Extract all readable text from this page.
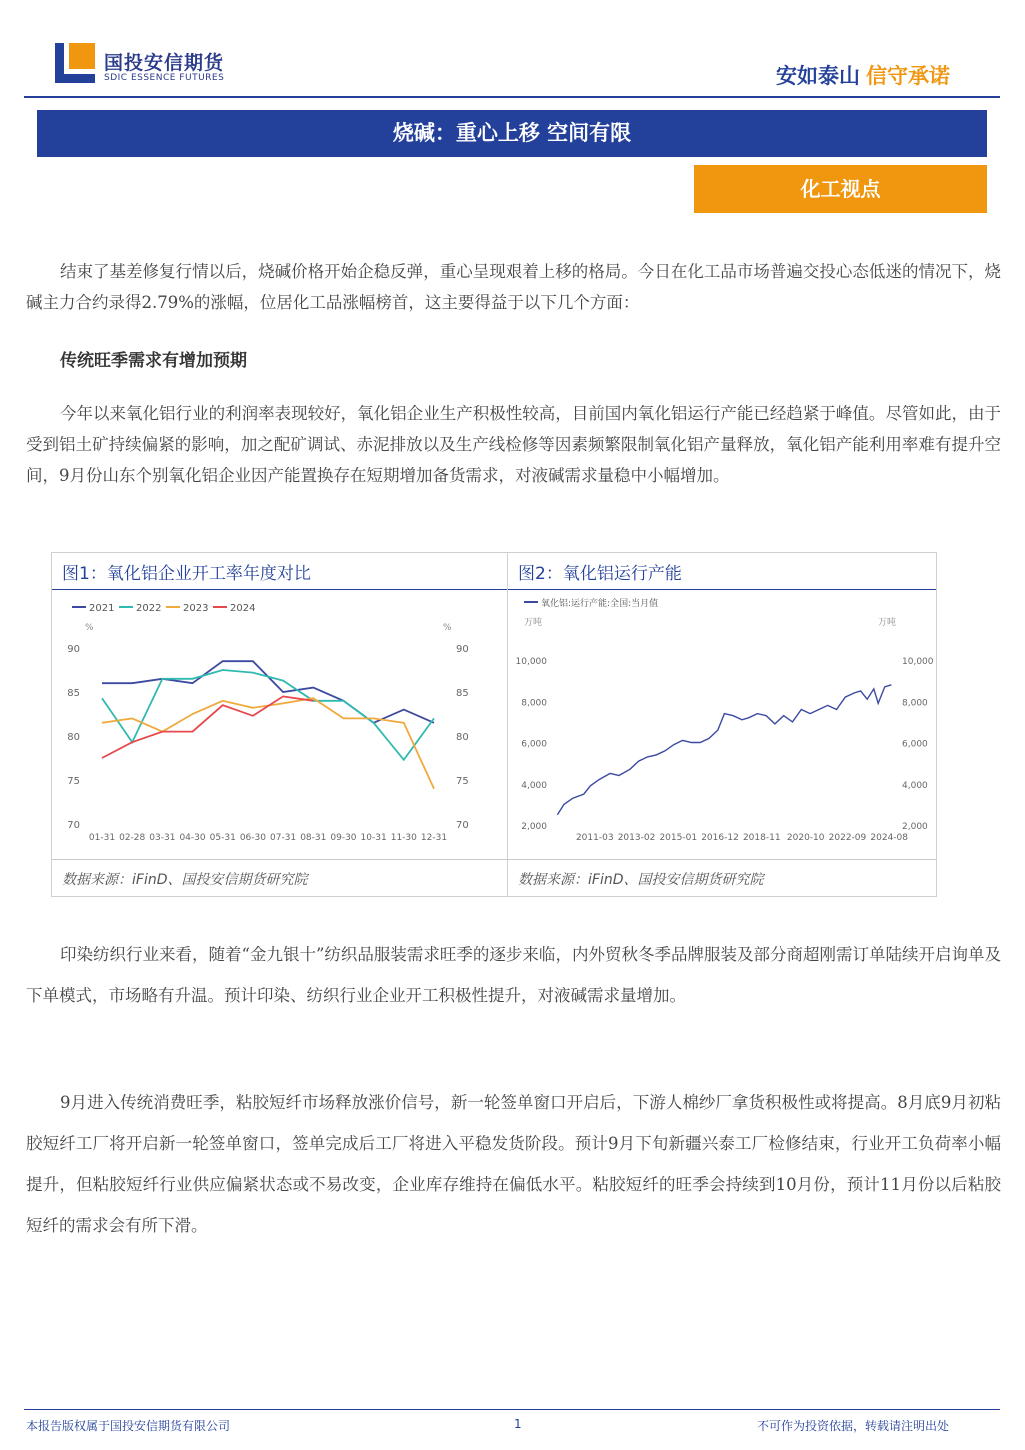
国投安信期货
SDIC ESSENCE FUTURES	安如泰山 信守承诺
烧碱：重心上移 空间有限
化工视点
结束了基差修复行情以后，烧碱价格开始企稳反弹，重心呈现艰着上移的格局。今日在化工品市场普遍交投心态低迷的情况下，烧碱主力合约录得2.79%的涨幅，位居化工品涨幅榜首，这主要得益于以下几个方面：
传统旺季需求有增加预期
今年以来氧化铝行业的利润率表现较好，氧化铝企业生产积极性较高，目前国内氧化铝运行产能已经趋紧于峰值。尽管如此，由于受到铝土矿持续偏紧的影响，加之配矿调试、赤泥排放以及生产线检修等因素频繁限制氧化铝产量释放，氧化铝产能利用率难有提升空间，9月份山东个别氧化铝企业因产能置换存在短期增加备货需求，对液碱需求量稳中小幅增加。
图1：氧化铝企业开工率年度对比
2021 2022 2023 2024
%	%
70	70
75	75
80	80
85	85
90	90
01-31 02-28 03-31 04-30 05-31 06-30 07-31 08-31 09-30 10-31 11-30 12-31
数据来源：iFinD、国投安信期货研究院
图2：氧化铝运行产能
氧化铝:运行产能:全国:当月值
万吨	万吨
2,000	2,000
4,000	4,000
6,000	6,000
8,000	8,000
10,000	10,000
2011-03 2013-02 2015-01 2016-12 2018-11 2020-10 2022-09 2024-08
数据来源：iFinD、国投安信期货研究院
印染纺织行业来看，随着“金九银十”纺织品服装需求旺季的逐步来临，内外贸秋冬季品牌服装及部分商超刚需订单陆续开启询单及下单模式，市场略有升温。预计印染、纺织行业企业开工积极性提升，对液碱需求量增加。
9月进入传统消费旺季，粘胶短纤市场释放涨价信号，新一轮签单窗口开启后，下游人棉纱厂拿货积极性或将提高。8月底9月初粘胶短纤工厂将开启新一轮签单窗口，签单完成后工厂将进入平稳发货阶段。预计9月下旬新疆兴泰工厂检修结束，行业开工负荷率小幅提升，但粘胶短纤行业供应偏紧状态或不易改变，企业库存维持在偏低水平。粘胶短纤的旺季会持续到10月份，预计11月份以后粘胶短纤的需求会有所下滑。
本报告版权属于国投安信期货有限公司	1	不可作为投资依据，转载请注明出处
